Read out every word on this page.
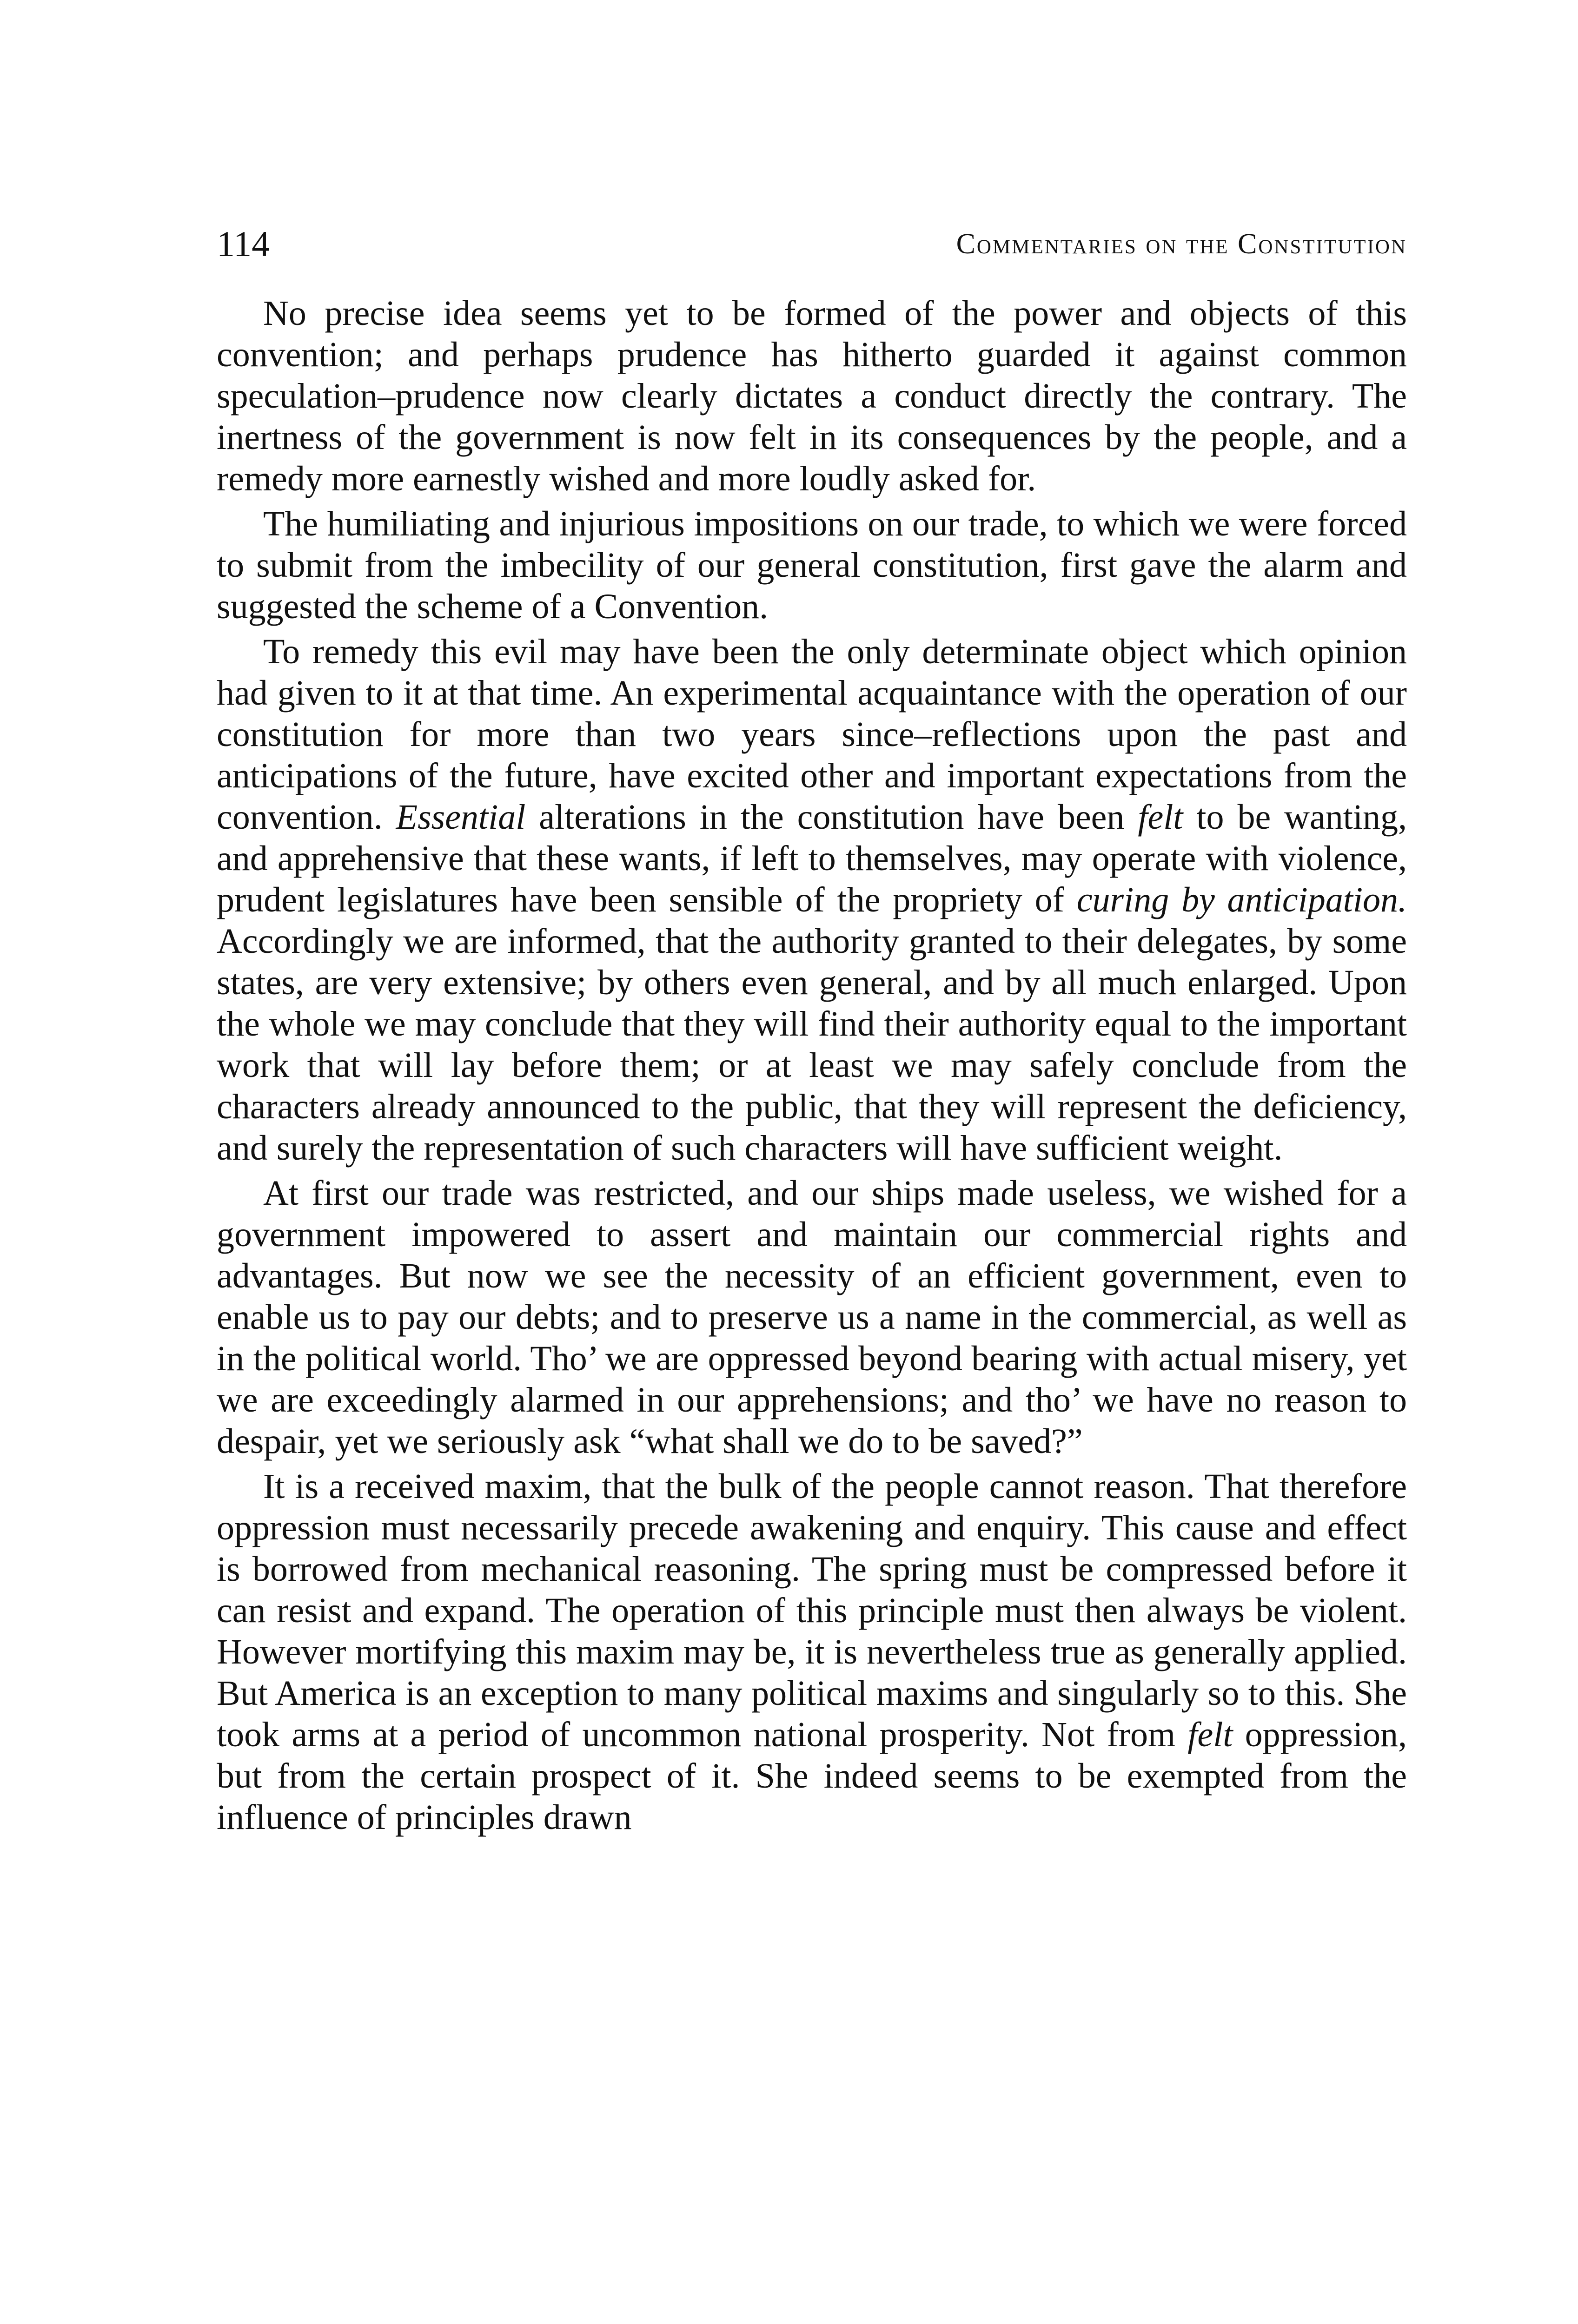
114	Commentaries on the Constitution

No precise idea seems yet to be formed of the power and objects of this convention; and perhaps prudence has hitherto guarded it against common speculation–prudence now clearly dictates a conduct directly the contrary. The inertness of the government is now felt in its consequences by the people, and a remedy more earnestly wished and more loudly asked for.

The humiliating and injurious impositions on our trade, to which we were forced to submit from the imbecility of our general constitution, first gave the alarm and suggested the scheme of a Convention.

To remedy this evil may have been the only determinate object which opinion had given to it at that time. An experimental acquaintance with the operation of our constitution for more than two years since–reflections upon the past and anticipations of the future, have excited other and important expectations from the convention. Essential alterations in the constitution have been felt to be wanting, and apprehensive that these wants, if left to themselves, may operate with violence, prudent legislatures have been sensible of the propriety of curing by anticipation. Accordingly we are informed, that the authority granted to their delegates, by some states, are very extensive; by others even general, and by all much enlarged. Upon the whole we may conclude that they will find their authority equal to the important work that will lay before them; or at least we may safely conclude from the characters already announced to the public, that they will represent the deficiency, and surely the representation of such characters will have sufficient weight.

At first our trade was restricted, and our ships made useless, we wished for a government impowered to assert and maintain our commercial rights and advantages. But now we see the necessity of an efficient government, even to enable us to pay our debts; and to preserve us a name in the commercial, as well as in the political world. Tho’ we are oppressed beyond bearing with actual misery, yet we are exceedingly alarmed in our apprehensions; and tho’ we have no reason to despair, yet we seriously ask “what shall we do to be saved?”

It is a received maxim, that the bulk of the people cannot reason. That therefore oppression must necessarily precede awakening and enquiry. This cause and effect is borrowed from mechanical reasoning. The spring must be compressed before it can resist and expand. The operation of this principle must then always be violent. However mortifying this maxim may be, it is nevertheless true as generally applied. But America is an exception to many political maxims and singularly so to this. She took arms at a period of uncommon national prosperity. Not from felt oppression, but from the certain prospect of it. She indeed seems to be exempted from the influence of principles drawn
